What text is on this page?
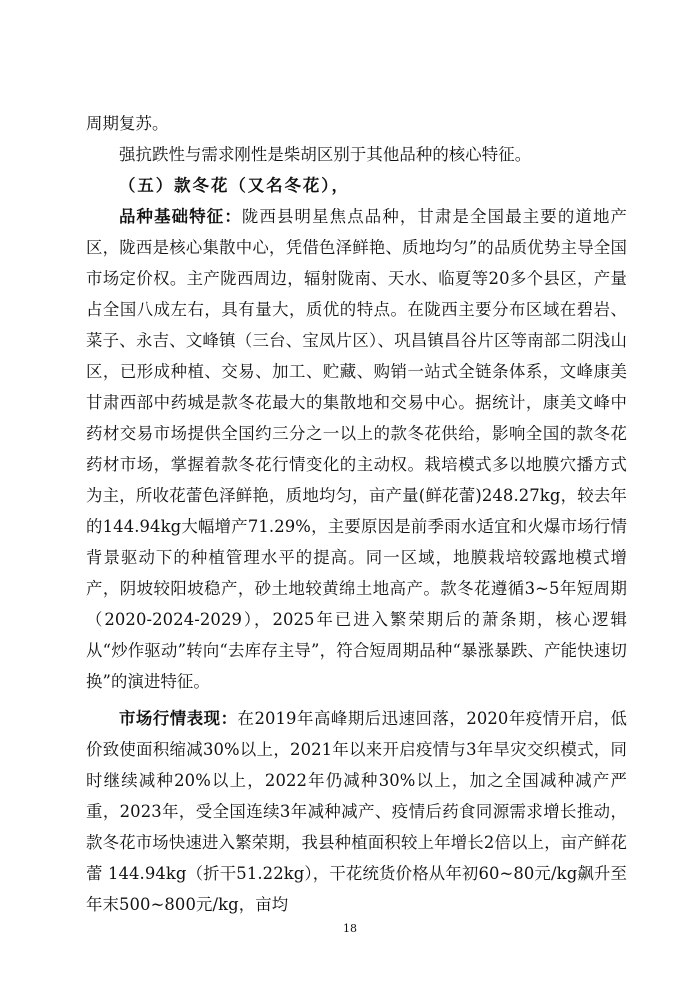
周期复苏。

强抗跌性与需求刚性是柴胡区别于其他品种的核心特征。

（五）款冬花（又名冬花），

品种基础特征：陇西县明星焦点品种，甘肃是全国最主要的道地产区，陇西是核心集散中心，凭借色泽鲜艳、质地均匀”的品质优势主导全国市场定价权。主产陇西周边，辐射陇南、天水、临夏等20多个县区，产量占全国八成左右，具有量大，质优的特点。在陇西主要分布区域在碧岩、菜子、永吉、文峰镇（三台、宝凤片区）、巩昌镇昌谷片区等南部二阴浅山区，已形成种植、交易、加工、贮藏、购销一站式全链条体系，文峰康美甘肃西部中药城是款冬花最大的集散地和交易中心。据统计，康美文峰中药材交易市场提供全国约三分之一以上的款冬花供给，影响全国的款冬花药材市场，掌握着款冬花行情变化的主动权。栽培模式多以地膜穴播方式为主，所收花蕾色泽鲜艳，质地均匀，亩产量(鲜花蕾)248.27kg，较去年的144.94kg大幅增产71.29%，主要原因是前季雨水适宜和火爆市场行情背景驱动下的种植管理水平的提高。同一区域，地膜栽培较露地模式增产，阴坡较阳坡稳产，砂土地较黄绵土地高产。款冬花遵循3~5年短周期（2020-2024-2029），2025年已进入繁荣期后的萧条期，核心逻辑从“炒作驱动”转向“去库存主导”，符合短周期品种“暴涨暴跌、产能快速切换”的演进特征。

市场行情表现：在2019年高峰期后迅速回落，2020年疫情开启，低价致使面积缩减30%以上，2021年以来开启疫情与3年旱灾交织模式，同时继续减种20%以上，2022年仍减种30%以上，加之全国减种减产严重，2023年，受全国连续3年减种减产、疫情后药食同源需求增长推动，款冬花市场快速进入繁荣期，我县种植面积较上年增长2倍以上，亩产鲜花蕾 144.94kg（折干51.22kg），干花统货价格从年初60~80元/kg飙升至年末500~800元/kg，亩均

18
